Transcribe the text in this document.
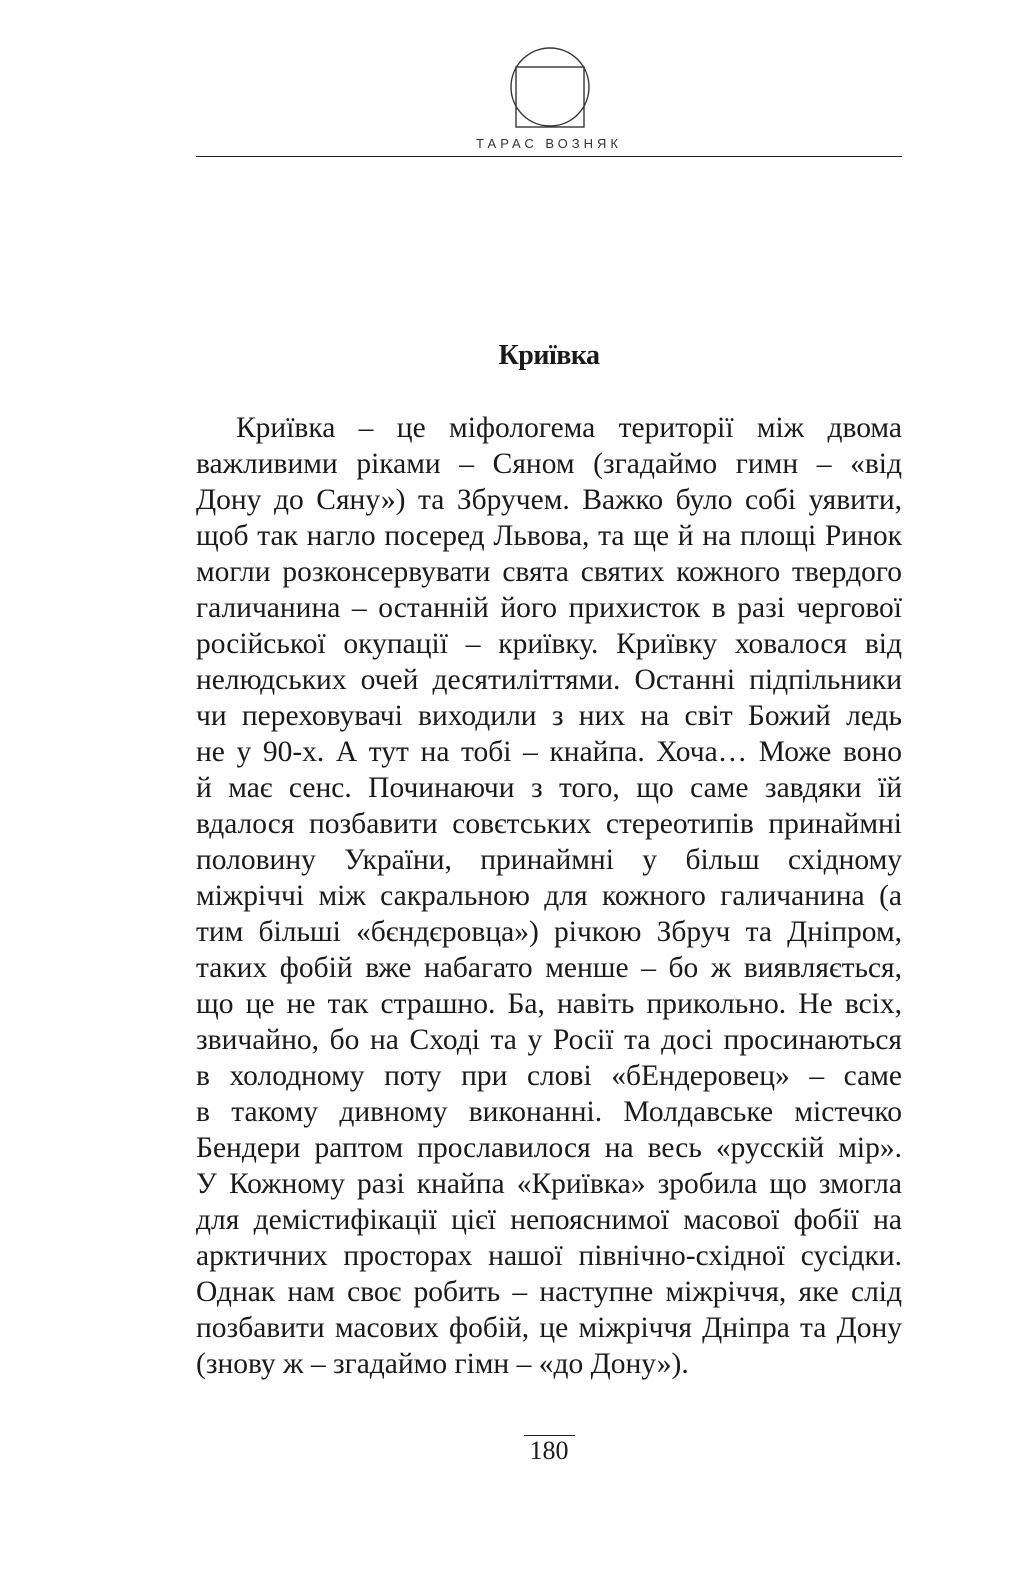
ТАРАС ВОЗНЯК
Криївка
Криївка – це міфологема території між двома
важливими ріками – Сяном (згадаймо гимн – «від
Дону до Сяну») та Збручем. Важко було собі уявити,
щоб так нагло посеред Львова, та ще й на площі Ринок
могли розконсервувати свята святих кожного твердого
галичанина – останній його прихисток в разі чергової
російської окупації – криївку. Криївку ховалося від
нелюдських очей десятиліттями. Останні підпільники
чи переховувачі виходили з них на світ Божий ледь
не у 90-х. А тут на тобі – кнайпа. Хоча… Може воно
й має сенс. Починаючи з того, що саме завдяки їй
вдалося позбавити совєтських стереотипів принаймні
половину України, принаймні у більш східному
міжріччі між сакральною для кожного галичанина (а
тим більші «бєндєровца») річкою Збруч та Дніпром,
таких фобій вже набагато менше – бо ж виявляється,
що це не так страшно. Ба, навіть прикольно. Не всіх,
звичайно, бо на Сході та у Росії та досі просинаються
в холодному поту при слові «бЕндеровец» – саме
в такому дивному виконанні. Молдавське містечко
Бендери раптом прославилося на весь «русскій мір».
У Кожному разі кнайпа «Криївка» зробила що змогла
для деміcтифікації цієї непояснимої масової фобії на
арктичних просторах нашої північно-східної сусідки.
Однак нам своє робить – наступне міжріччя, яке слід
позбавити масових фобій, це міжріччя Дніпра та Дону
(знову ж – згадаймо гімн – «до Дону»).
180
